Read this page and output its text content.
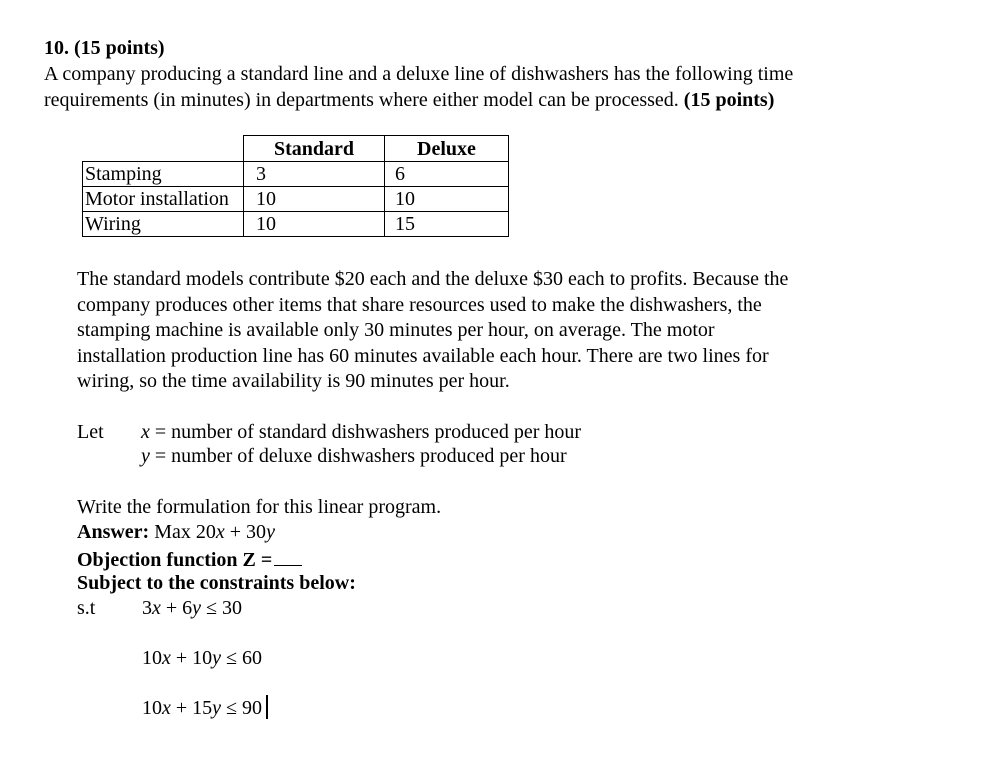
10. (15 points)
A company producing a standard line and a deluxe line of dishwashers has the following time
requirements (in minutes) in departments where either model can be processed. (15 points)
	Standard	Deluxe
Stamping	3	6
Motor installation	10	10
Wiring	10	15

The standard models contribute $20 each and the deluxe $30 each to profits. Because the

company produces other items that share resources used to make the dishwashers, the

stamping machine is available only 30 minutes per hour, on average. The motor

installation production line has 60 minutes available each hour. There are two lines for

wiring, so the time availability is 90 minutes per hour.

Let x = number of standard dishwashers produced per hour
y = number of deluxe dishwashers produced per hour
Write the formulation for this linear program.
Answer: Max 20x + 30y
Objection function Z =
Subject to the constraints below:
s.t 3x + 6y ≤ 30
10x + 10y ≤ 60
10x + 15y ≤ 90
